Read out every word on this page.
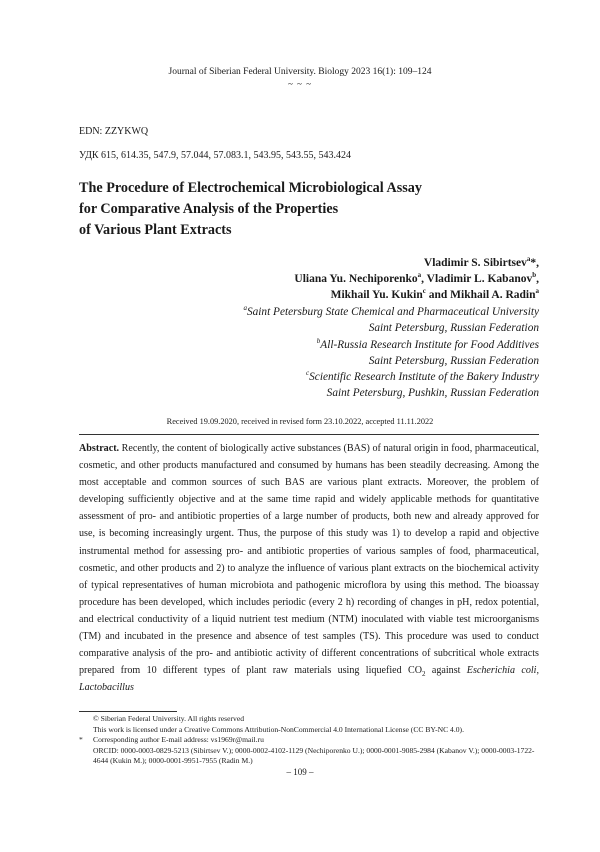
Journal of Siberian Federal University. Biology 2023 16(1): 109–124
~ ~ ~
EDN: ZZYKWQ
УДК 615, 614.35, 547.9, 57.044, 57.083.1, 543.95, 543.55, 543.424
The Procedure of Electrochemical Microbiological Assay
for Comparative Analysis of the Properties
of Various Plant Extracts
Vladimir S. Sibirtsev$^a$*,
Uliana Yu. Nechiporenko$^a$, Vladimir L. Kabanov$^b$,
Mikhail Yu. Kukin$^c$ and Mikhail A. Radin$^a$
$^a$Saint Petersburg State Chemical and Pharmaceutical University
Saint Petersburg, Russian Federation
$^b$All-Russia Research Institute for Food Additives
Saint Petersburg, Russian Federation
$^c$Scientific Research Institute of the Bakery Industry
Saint Petersburg, Pushkin, Russian Federation
Received 19.09.2020, received in revised form 23.10.2022, accepted 11.11.2022
Abstract. Recently, the content of biologically active substances (BAS) of natural origin in food, pharmaceutical, cosmetic, and other products manufactured and consumed by humans has been steadily decreasing. Among the most acceptable and common sources of such BAS are various plant extracts. Moreover, the problem of developing sufficiently objective and at the same time rapid and widely applicable methods for quantitative assessment of pro- and antibiotic properties of a large number of products, both new and already approved for use, is becoming increasingly urgent. Thus, the purpose of this study was 1) to develop a rapid and objective instrumental method for assessing pro- and antibiotic properties of various samples of food, pharmaceutical, cosmetic, and other products and 2) to analyze the influence of various plant extracts on the biochemical activity of typical representatives of human microbiota and pathogenic microflora by using this method. The bioassay procedure has been developed, which includes periodic (every 2 h) recording of changes in pH, redox potential, and electrical conductivity of a liquid nutrient test medium (NTM) inoculated with viable test microorganisms (TM) and incubated in the presence and absence of test samples (TS). This procedure was used to conduct comparative analysis of the pro- and antibiotic activity of different concentrations of subcritical whole extracts prepared from 10 different types of plant raw materials using liquefied $CO_2$ against Escherichia coli, Lactobacillus
© Siberian Federal University. All rights reserved
This work is licensed under a Creative Commons Attribution-NonCommercial 4.0 International License (CC BY-NC 4.0).
* Corresponding author E-mail address: vs1969r@mail.ru
ORCID: 0000-0003-0829-5213 (Sibirtsev V.); 0000-0002-4102-1129 (Nechiporenko U.); 0000-0001-9085-2984 (Kabanov V.); 0000-0003-1722-4644 (Kukin M.); 0000-0001-9951-7955 (Radin M.)
– 109 –
